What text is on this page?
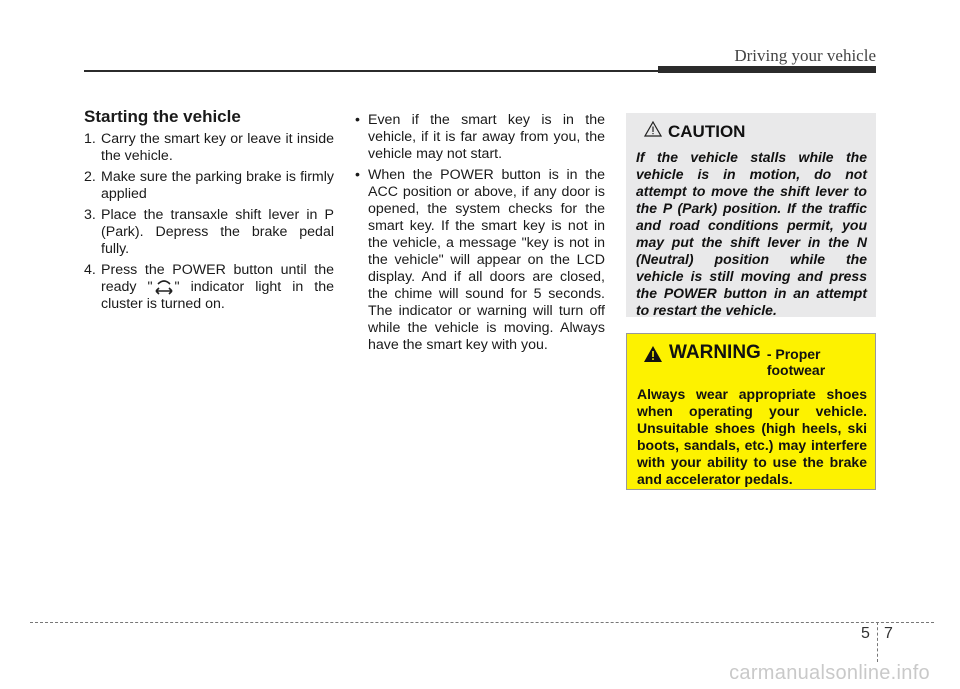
Driving your vehicle
Starting the vehicle
1. Carry the smart key or leave it inside the vehicle.
2. Make sure the parking brake is firmly applied
3. Place the transaxle shift lever in P (Park). Depress the brake pedal fully.
4. Press the POWER button until the ready " " indicator light in the cluster is turned on.
• Even if the smart key is in the vehicle, if it is far away from you, the vehicle may not start.
• When the POWER button is in the ACC position or above, if any door is opened, the system checks for the smart key. If the smart key is not in the vehicle, a message "key is not in the vehicle" will appear on the LCD display. And if all doors are closed, the chime will sound for 5 seconds. The indicator or warning will turn off while the vehicle is moving. Always have the smart key with you.
CAUTION
If the vehicle stalls while the vehicle is in motion, do not attempt to move the shift lever to the P (Park) position. If the traffic and road conditions permit, you may put the shift lever in the N (Neutral) position while the vehicle is still moving and press the POWER button in an attempt to restart the vehicle.
WARNING - Proper footwear
Always wear appropriate shoes when operating your vehicle. Unsuitable shoes (high heels, ski boots, sandals, etc.) may interfere with your ability to use the brake and accelerator pedals.
5 7
carmanualsonline.info
